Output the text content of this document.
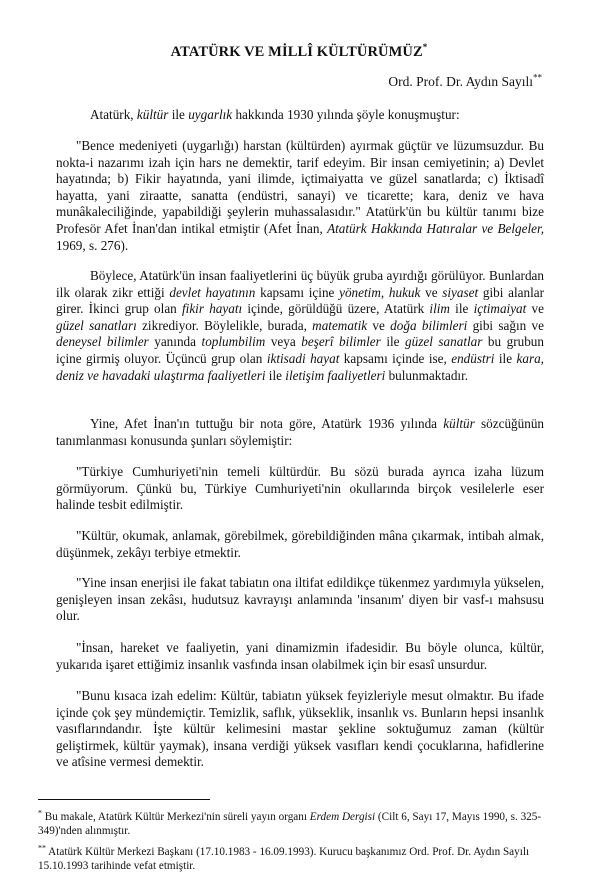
ATATÜRK VE MİLLÎ KÜLTÜRÜMÜZ*
Ord. Prof. Dr. Aydın Sayılı**

Atatürk, kültür ile uygarlık hakkında 1930 yılında şöyle konuşmuştur:

"Bence medeniyeti (uygarlığı) harstan (kültürden) ayırmak güçtür ve lüzumsuzdur. Bu nokta-i nazarımı izah için hars ne demektir, tarif edeyim. Bir insan cemiyetinin; a) Devlet hayatında; b) Fikir hayatında, yani ilimde, içtimaiyatta ve güzel sanatlarda; c) İktisadî hayatta, yani ziraatte, sanatta (endüstri, sanayi) ve ticarette; kara, deniz ve hava munâkaleciliğinde, yapabildiği şeylerin muhassalasıdır." Atatürk'ün bu kültür tanımı bize Profesör Afet İnan'dan intikal etmiştir (Afet İnan, Atatürk Hakkında Hatıralar ve Belgeler, 1969, s. 276).

Böylece, Atatürk'ün insan faaliyetlerini üç büyük gruba ayırdığı görülüyor. Bunlardan ilk olarak zikr ettiği devlet hayatının kapsamı içine yönetim, hukuk ve siyaset gibi alanlar girer. İkinci grup olan fikir hayatı içinde, görüldüğü üzere, Atatürk ilim ile içtimaiyat ve güzel sanatları zikrediyor. Böylelikle, burada, matematik ve doğa bilimleri gibi sağın ve deneysel bilimler yanında toplumbilim veya beşerî bilimler ile güzel sanatlar bu grubun içine girmiş oluyor. Üçüncü grup olan iktisadi hayat kapsamı içinde ise, endüstri ile kara, deniz ve havadaki ulaştırma faaliyetleri ile iletişim faaliyetleri bulunmaktadır.

Yine, Afet İnan'ın tuttuğu bir nota göre, Atatürk 1936 yılında kültür sözcüğünün tanımlanması konusunda şunları söylemiştir:

"Türkiye Cumhuriyeti'nin temeli kültürdür. Bu sözü burada ayrıca izaha lüzum görmüyorum. Çünkü bu, Türkiye Cumhuriyeti'nin okullarında birçok vesilelerle eser halinde tesbit edilmiştir.

"Kültür, okumak, anlamak, görebilmek, görebildiğinden mâna çıkarmak, intibah almak, düşünmek, zekâyı terbiye etmektir.

"Yine insan enerjisi ile fakat tabiatın ona iltifat edildikçe tükenmez yardımıyla yükselen, genişleyen insan zekâsı, hudutsuz kavrayışı anlamında 'insanım' diyen bir vasf-ı mahsusu olur.

"İnsan, hareket ve faaliyetin, yani dinamizmin ifadesidir. Bu böyle olunca, kültür, yukarıda işaret ettiğimiz insanlık vasfında insan olabilmek için bir esasî unsurdur.

"Bunu kısaca izah edelim: Kültür, tabiatın yüksek feyizleriyle mesut olmaktır. Bu ifade içinde çok şey mündemiçtir. Temizlik, saflık, yükseklik, insanlık vs. Bunların hepsi insanlık vasıflarındandır. İşte kültür kelimesini mastar şekline soktuğumuz zaman (kültür geliştirmek, kültür yaymak), insana verdiği yüksek vasıfları kendi çocuklarına, hafidlerine ve atîsine vermesi demektir.

* Bu makale, Atatürk Kültür Merkezi'nin süreli yayın organı Erdem Dergisi (Cilt 6, Sayı 17, Mayıs 1990, s. 325-349)'nden alınmıştır.

** Atatürk Kültür Merkezi Başkanı (17.10.1983 - 16.09.1993). Kurucu başkanımız Ord. Prof. Dr. Aydın Sayılı 15.10.1993 tarihinde vefat etmiştir.
